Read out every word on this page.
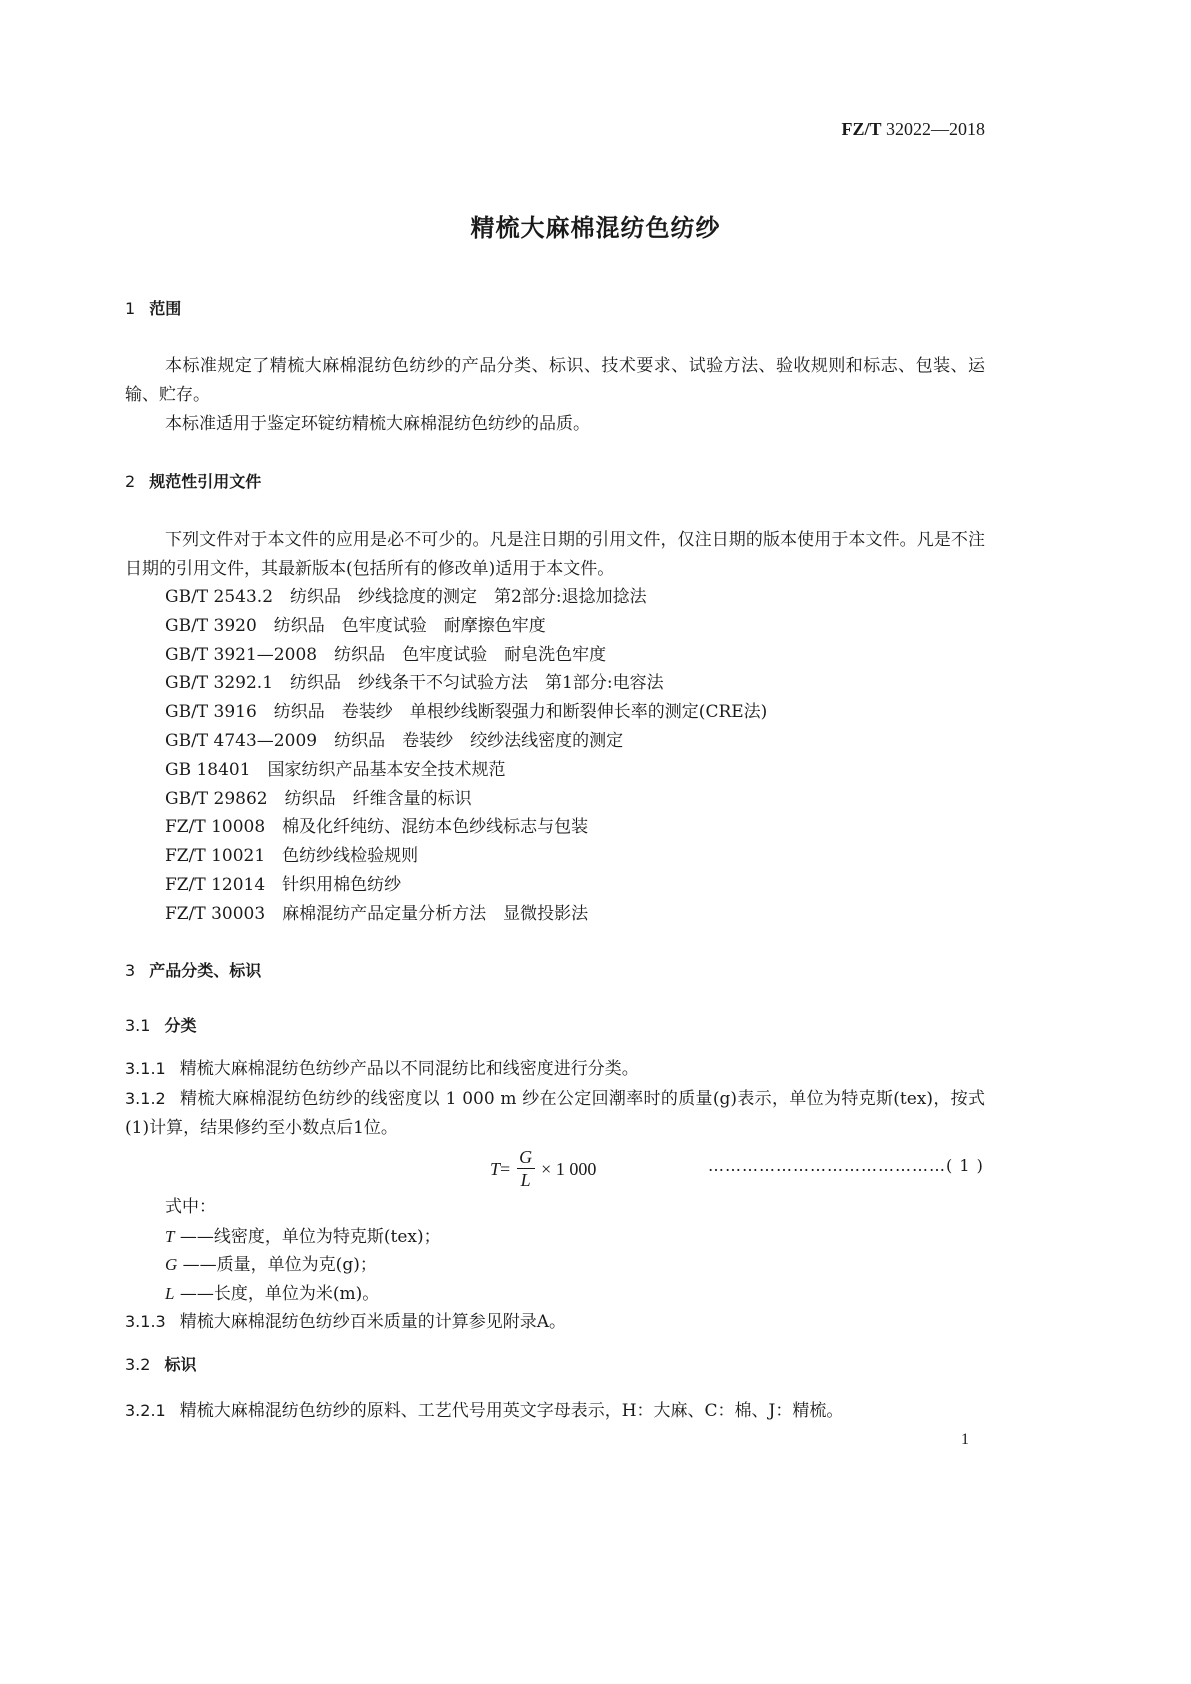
FZ/T 32022—2018
精梳大麻棉混纺色纺纱
1 范围
本标准规定了精梳大麻棉混纺色纺纱的产品分类、标识、技术要求、试验方法、验收规则和标志、包装、运输、贮存。
本标准适用于鉴定环锭纺精梳大麻棉混纺色纺纱的品质。
2 规范性引用文件
下列文件对于本文件的应用是必不可少的。凡是注日期的引用文件，仅注日期的版本使用于本文件。凡是不注日期的引用文件，其最新版本(包括所有的修改单)适用于本文件。
GB/T 2543.2　纺织品　纱线捻度的测定　第2部分:退捻加捻法
GB/T 3920　纺织品　色牢度试验　耐摩擦色牢度
GB/T 3921—2008　纺织品　色牢度试验　耐皂洗色牢度
GB/T 3292.1　纺织品　纱线条干不匀试验方法　第1部分:电容法
GB/T 3916　纺织品　卷装纱　单根纱线断裂强力和断裂伸长率的测定(CRE法)
GB/T 4743—2009　纺织品　卷装纱　绞纱法线密度的测定
GB 18401　国家纺织产品基本安全技术规范
GB/T 29862　纺织品　纤维含量的标识
FZ/T 10008　棉及化纤纯纺、混纺本色纱线标志与包装
FZ/T 10021　色纺纱线检验规则
FZ/T 12014　针织用棉色纺纱
FZ/T 30003　麻棉混纺产品定量分析方法　显微投影法
3 产品分类、标识
3.1 分类
3.1.1 精梳大麻棉混纺色纺纱产品以不同混纺比和线密度进行分类。
3.1.2 精梳大麻棉混纺色纺纱的线密度以 1 000 m 纱在公定回潮率时的质量(g)表示，单位为特克斯(tex)，按式(1)计算，结果修约至小数点后1位。
$T = \frac{G}{L} \times 1$ 000	……………………………………( 1 )
式中：
T ——线密度，单位为特克斯(tex)；
G ——质量，单位为克(g)；
L ——长度，单位为米(m)。
3.1.3 精梳大麻棉混纺色纺纱百米质量的计算参见附录A。
3.2 标识
3.2.1 精梳大麻棉混纺色纺纱的原料、工艺代号用英文字母表示，H：大麻、C：棉、J：精梳。
1
